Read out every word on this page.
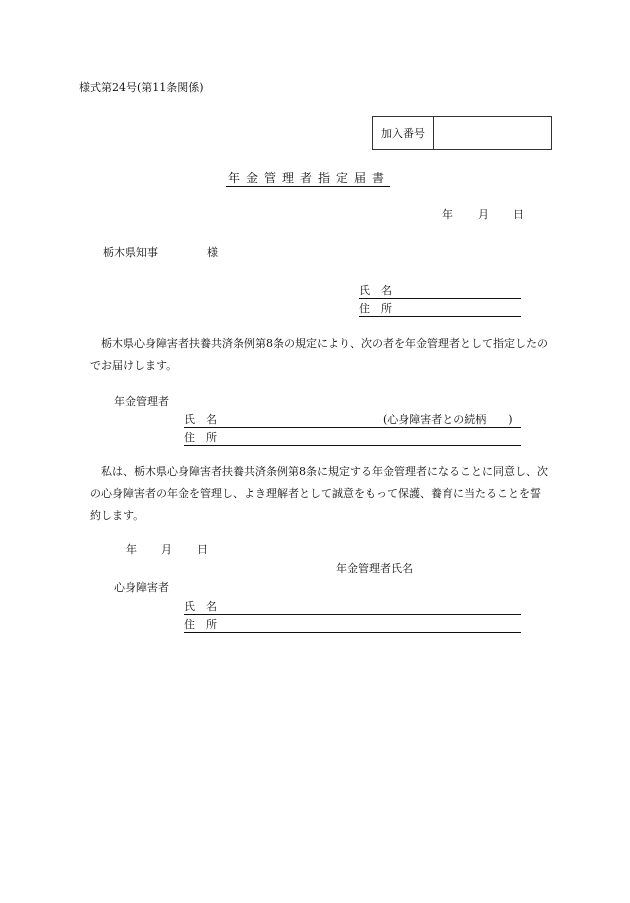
様式第24号(第11条関係)
加入番号
年金管理者指定届書
年 月 日
栃木県知事	様
氏　名
住　所
栃木県心身障害者扶養共済条例第8条の規定により、次の者を年金管理者として指定したのでお届けします。
年金管理者
氏　名	(心身障害者との続柄　　)
住　所
私は、栃木県心身障害者扶養共済条例第8条に規定する年金管理者になることに同意し、次の心身障害者の年金を管理し、よき理解者として誠意をもって保護、養育に当たることを誓約します。
年 月 日
年金管理者氏名
心身障害者
氏　名
住　所
